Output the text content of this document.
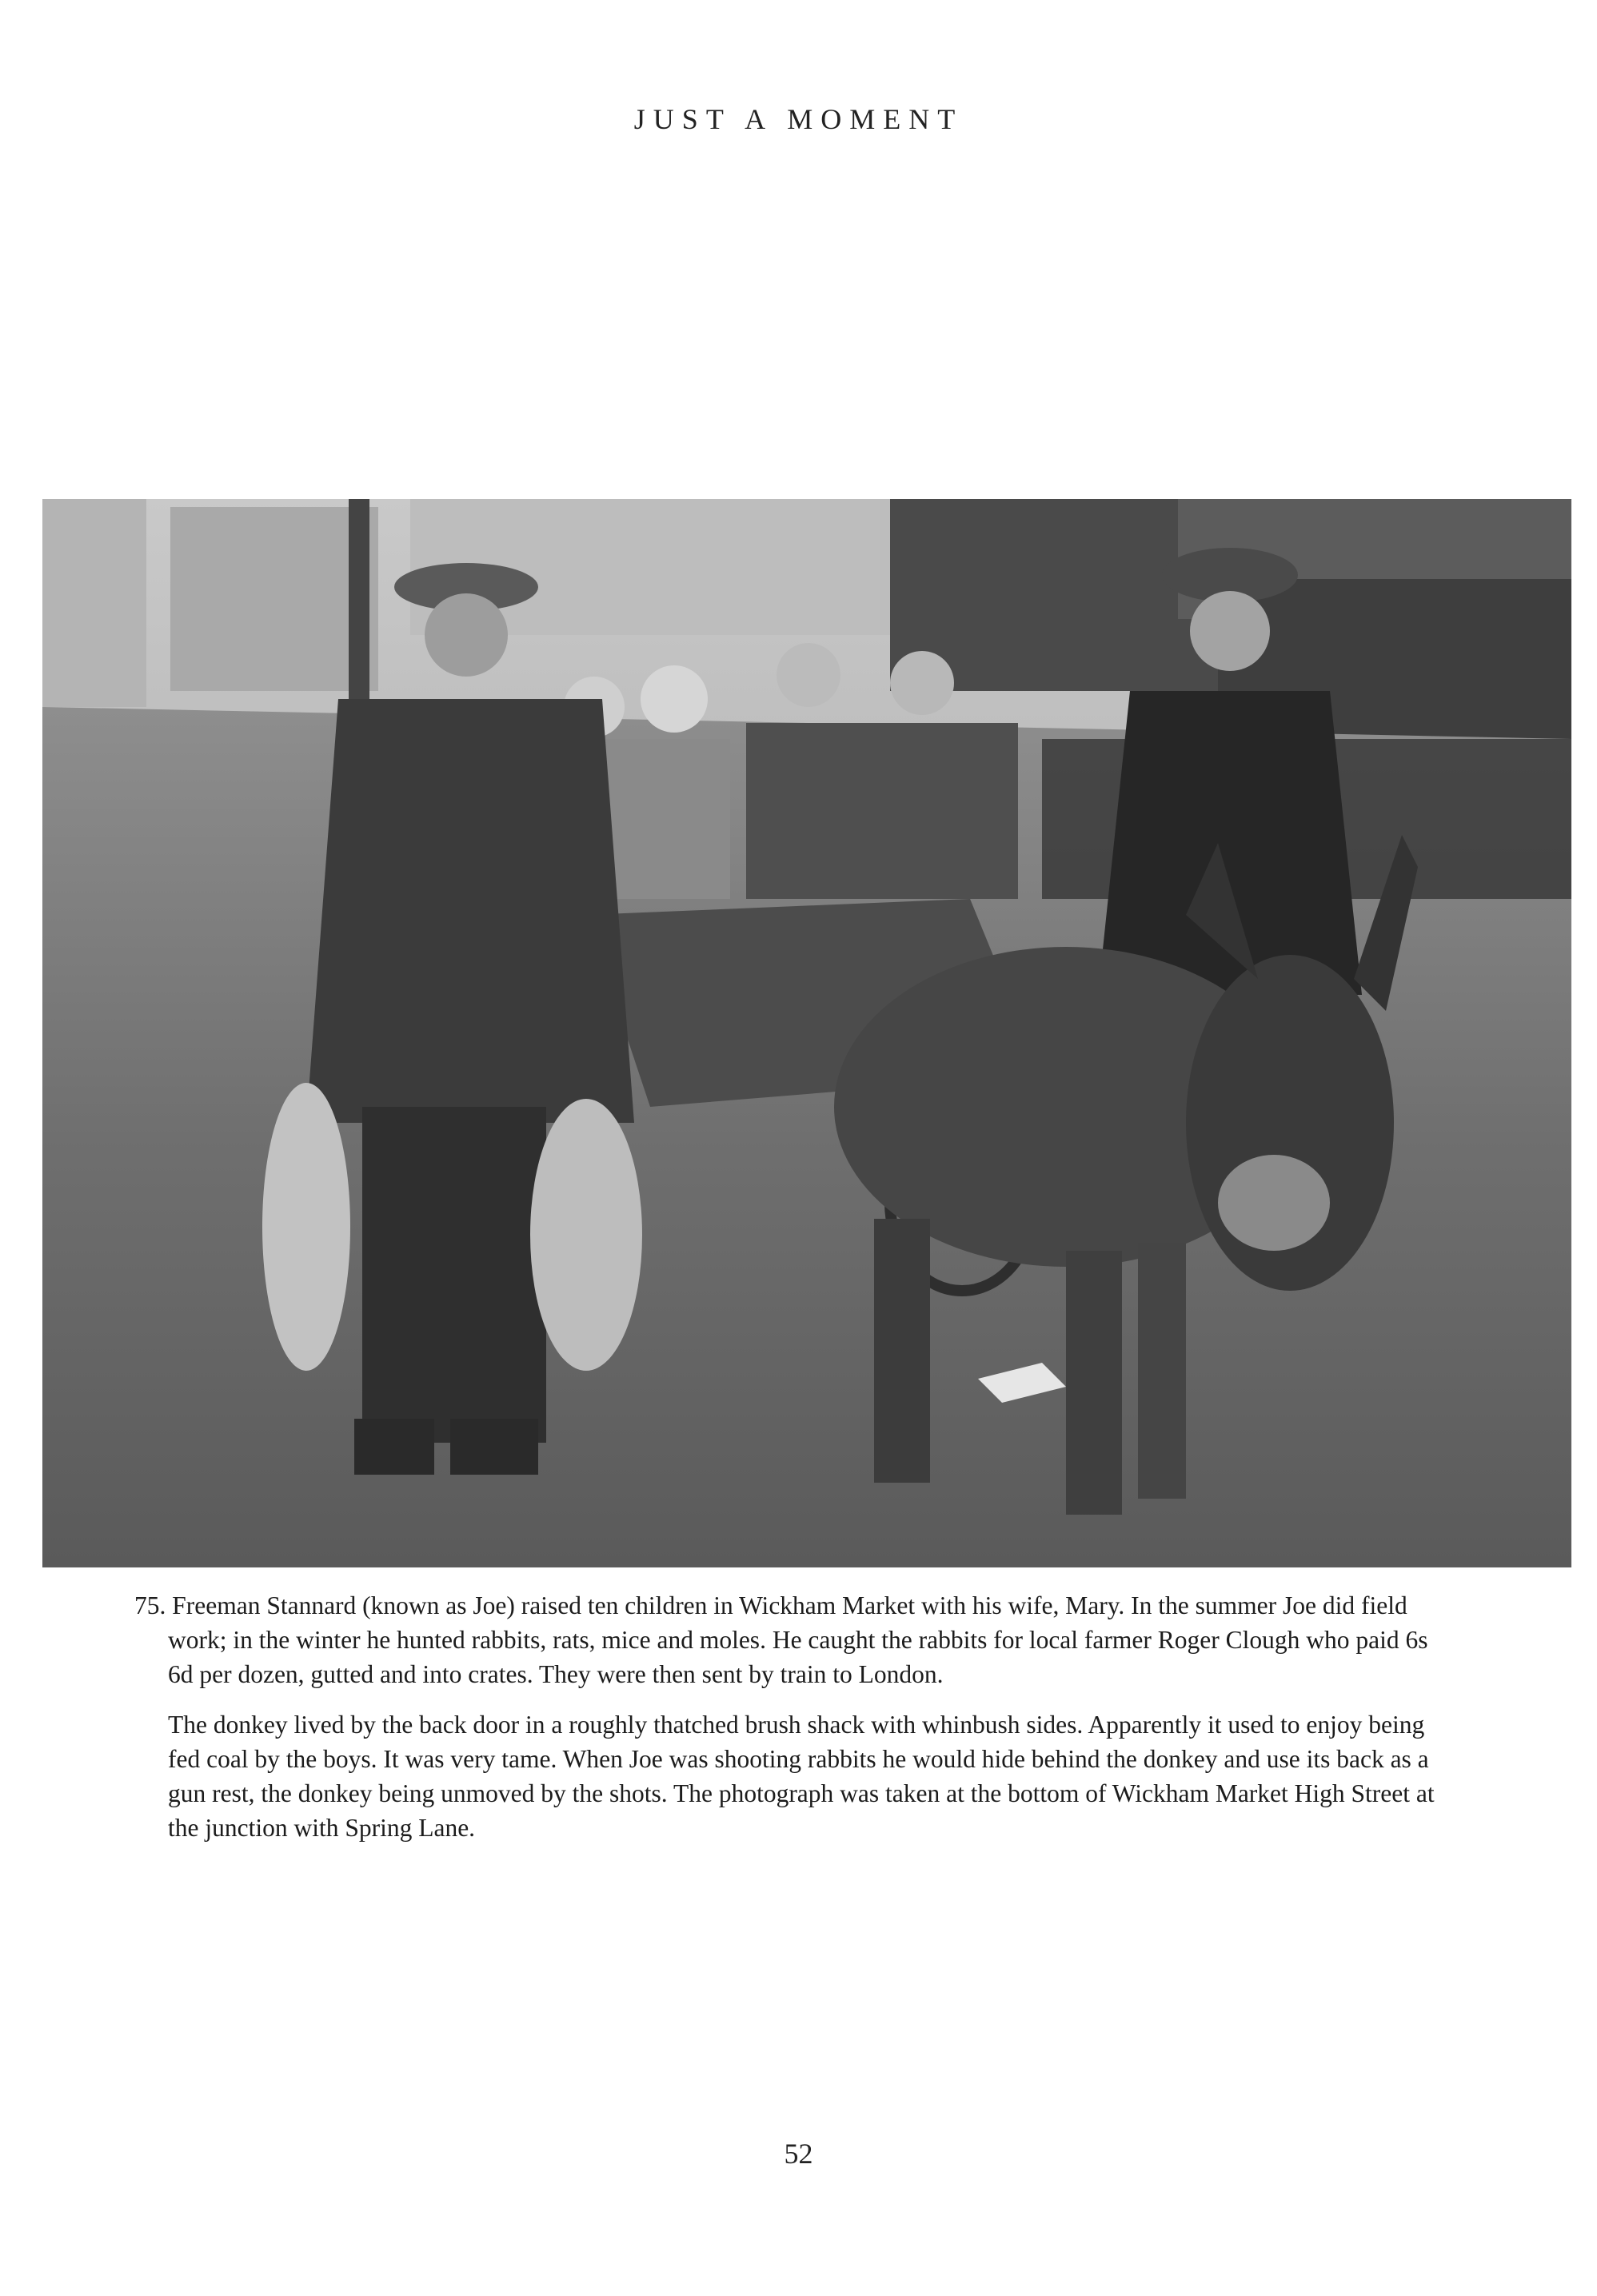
JUST A MOMENT

75. Freeman Stannard (known as Joe) raised ten children in Wickham Market with his wife, Mary. In the summer Joe did field work; in the winter he hunted rabbits, rats, mice and moles. He caught the rabbits for local farmer Roger Clough who paid 6s 6d per dozen, gutted and into crates. They were then sent by train to London.

The donkey lived by the back door in a roughly thatched brush shack with whinbush sides. Apparently it used to enjoy being fed coal by the boys. It was very tame. When Joe was shooting rabbits he would hide behind the donkey and use its back as a gun rest, the donkey being unmoved by the shots. The photograph was taken at the bottom of Wickham Market High Street at the junction with Spring Lane.

52
